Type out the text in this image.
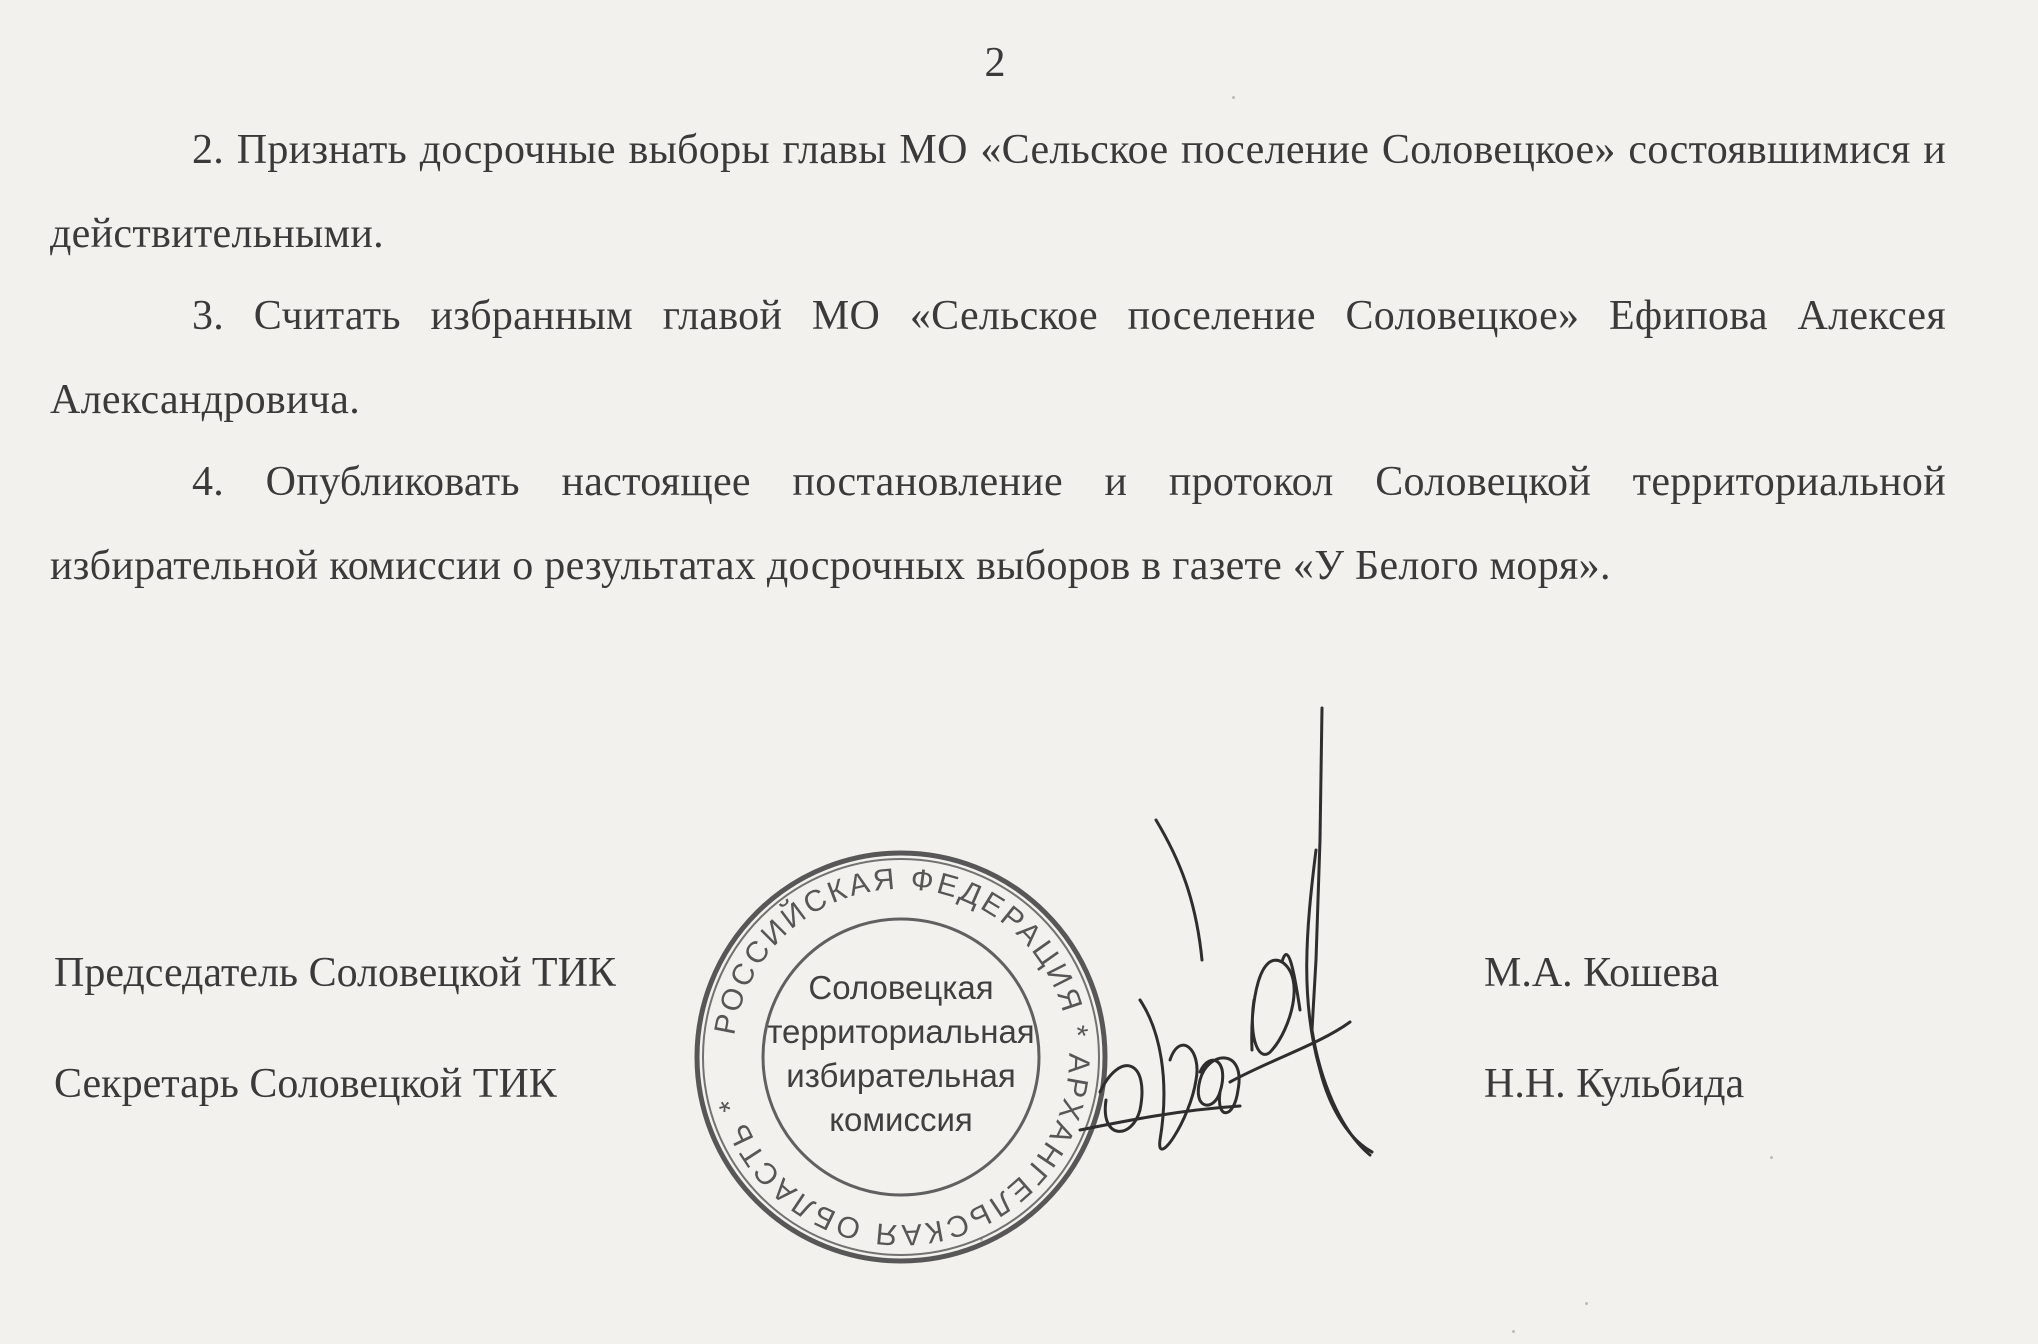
2
2. Признать досрочные выборы главы МО «Сельское поселение Соловецкое» состоявшимися и действительными.
3. Считать избранным главой МО «Сельское поселение Соловецкое» Ефипова Алексея Александровича.
4. Опубликовать настоящее постановление и протокол Соловецкой территориальной избирательной комиссии о результатах досрочных выборов в газете «У Белого моря».
Председатель Соловецкой ТИК
Секретарь Соловецкой ТИК
М.А. Кошева
Н.Н. Кульбида
РОССИЙСКАЯ ФЕДЕРАЦИЯ * АРХАНГЕЛЬСКАЯ ОБЛАСТЬ *
Соловецкая
территориальная
избирательная
комиссия
